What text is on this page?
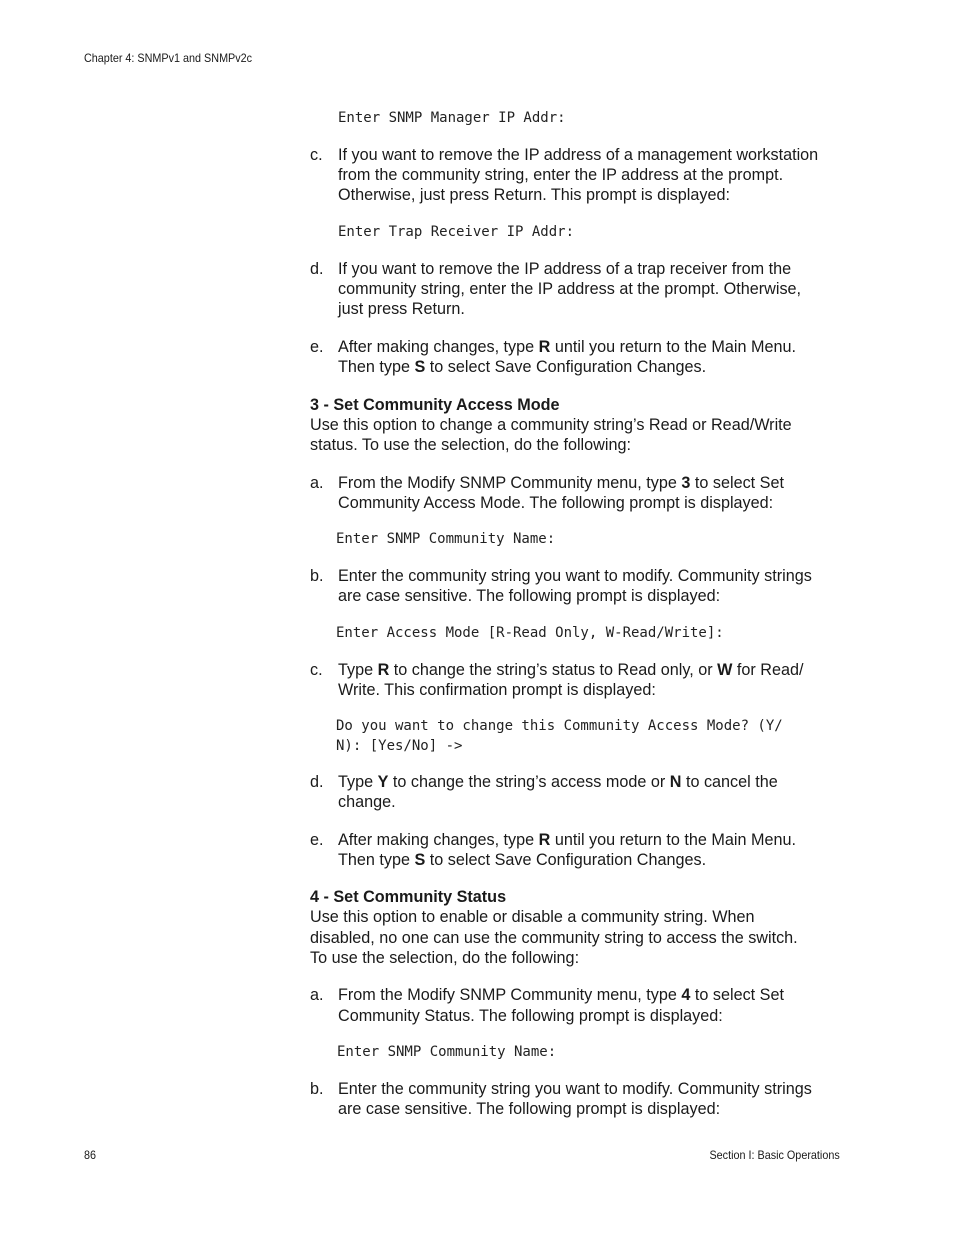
Chapter 4: SNMPv1 and SNMPv2c
Enter SNMP Manager IP Addr:
c. If you want to remove the IP address of a management workstation
from the community string, enter the IP address at the prompt.
Otherwise, just press Return. This prompt is displayed:
Enter Trap Receiver IP Addr:
d. If you want to remove the IP address of a trap receiver from the
community string, enter the IP address at the prompt. Otherwise,
just press Return.
e. After making changes, type R until you return to the Main Menu.
Then type S to select Save Configuration Changes.
3 - Set Community Access Mode
Use this option to change a community string’s Read or Read/Write
status. To use the selection, do the following:
a. From the Modify SNMP Community menu, type 3 to select Set
Community Access Mode. The following prompt is displayed:
Enter SNMP Community Name:
b. Enter the community string you want to modify. Community strings
are case sensitive. The following prompt is displayed:
Enter Access Mode [R-Read Only, W-Read/Write]:
c. Type R to change the string’s status to Read only, or W for Read/
Write. This confirmation prompt is displayed:
Do you want to change this Community Access Mode? (Y/
N): [Yes/No] ->
d. Type Y to change the string’s access mode or N to cancel the
change.
e. After making changes, type R until you return to the Main Menu.
Then type S to select Save Configuration Changes.
4 - Set Community Status
Use this option to enable or disable a community string. When
disabled, no one can use the community string to access the switch.
To use the selection, do the following:
a. From the Modify SNMP Community menu, type 4 to select Set
Community Status. The following prompt is displayed:
Enter SNMP Community Name:
b. Enter the community string you want to modify. Community strings
are case sensitive. The following prompt is displayed:
86	Section I: Basic Operations
